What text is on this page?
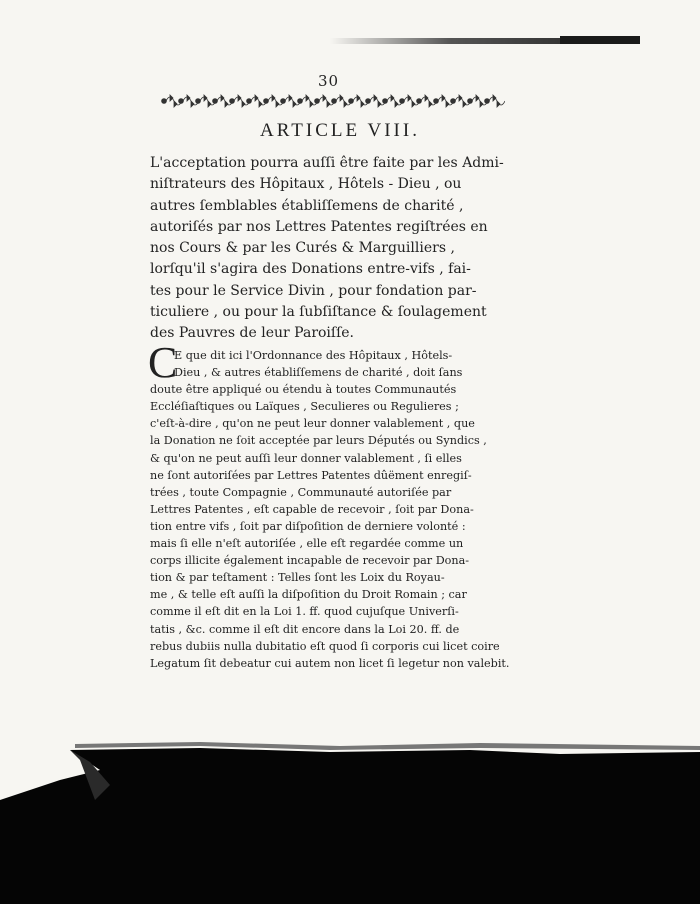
30
ARTICLE VIII.
L'acceptation pourra auſſi être faite par les Admi-
niſtrateurs des Hôpitaux , Hôtels - Dieu , ou
autres ſemblables établiſſemens de charité ,
autoriſés par nos Lettres Patentes regiſtrées en
nos Cours & par les Curés & Marguilliers ,
lorſqu'il s'agira des Donations entre-vifs , fai-
tes pour le Service Divin , pour fondation par-
ticuliere , ou pour la ſubſiſtance & ſoulagement
des Pauvres de leur Paroiſſe.
C
E que dit ici l'Ordonnance des Hôpitaux , Hôtels-
Dieu , & autres établiſſemens de charité , doit ſans
doute être appliqué ou étendu à toutes Communautés
Eccléſiaſtiques ou Laïques , Seculieres ou Regulieres ;
c'eſt-à-dire , qu'on ne peut leur donner valablement , que
la Donation ne ſoit acceptée par leurs Députés ou Syndics ,
& qu'on ne peut auſſi leur donner valablement , ſi elles
ne ſont autoriſées par Lettres Patentes dûëment enregiſ-
trées , toute Compagnie , Communauté autoriſée par
Lettres Patentes , eſt capable de recevoir , ſoit par Dona-
tion entre vifs , ſoit par diſpoſition de derniere volonté :
mais ſi elle n'eſt autoriſée , elle eſt regardée comme un
corps illicite également incapable de recevoir par Dona-
tion & par teſtament : Telles ſont les Loix du Royau-
me , & telle eſt auſſi la diſpoſition du Droit Romain ; car
comme il eſt dit en la Loi 1. ff. quod cujuſque Univerſi-
tatis , &c. comme il eſt dit encore dans la Loi 20. ff. de
rebus dubiis nulla dubitatio eſt quod ſi corporis cui licet coire
Legatum ſit debeatur cui autem non licet ſi legetur non valebit.
